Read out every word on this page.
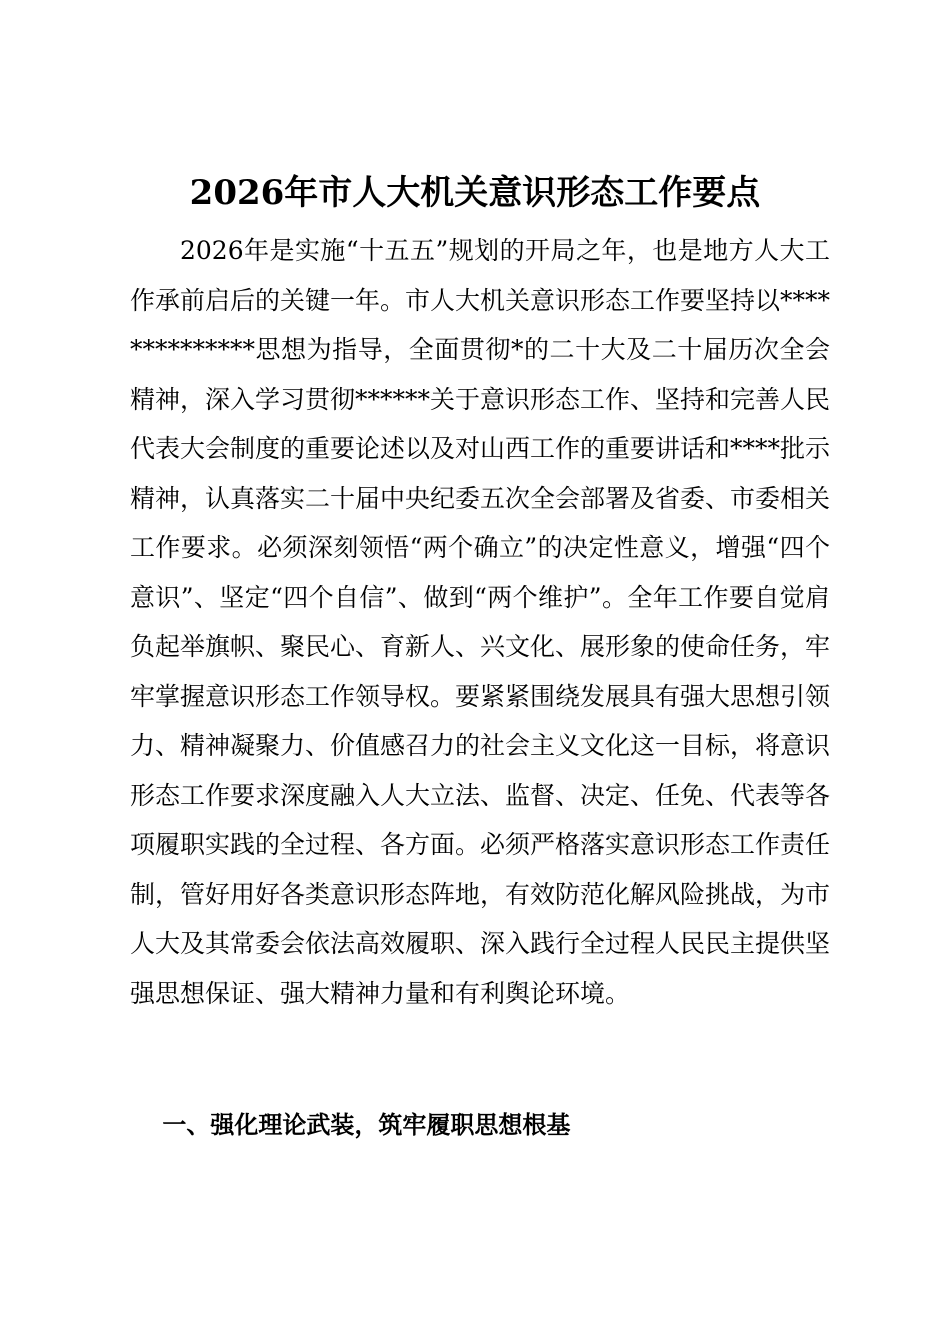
2026年市人大机关意识形态工作要点

2026年是实施“十五五”规划的开局之年，也是地方人大工作承前启后的关键一年。市人大机关意识形态工作要坚持以**************思想为指导，全面贯彻*的二十大及二十届历次全会精神，深入学习贯彻******关于意识形态工作、坚持和完善人民代表大会制度的重要论述以及对山西工作的重要讲话和****批示精神，认真落实二十届中央纪委五次全会部署及省委、市委相关工作要求。必须深刻领悟“两个确立”的决定性意义，增强“四个意识”、坚定“四个自信”、做到“两个维护”。全年工作要自觉肩负起举旗帜、聚民心、育新人、兴文化、展形象的使命任务，牢牢掌握意识形态工作领导权。要紧紧围绕发展具有强大思想引领力、精神凝聚力、价值感召力的社会主义文化这一目标，将意识形态工作要求深度融入人大立法、监督、决定、任免、代表等各项履职实践的全过程、各方面。必须严格落实意识形态工作责任制，管好用好各类意识形态阵地，有效防范化解风险挑战，为市人大及其常委会依法高效履职、深入践行全过程人民民主提供坚强思想保证、强大精神力量和有利舆论环境。

一、强化理论武装，筑牢履职思想根基
